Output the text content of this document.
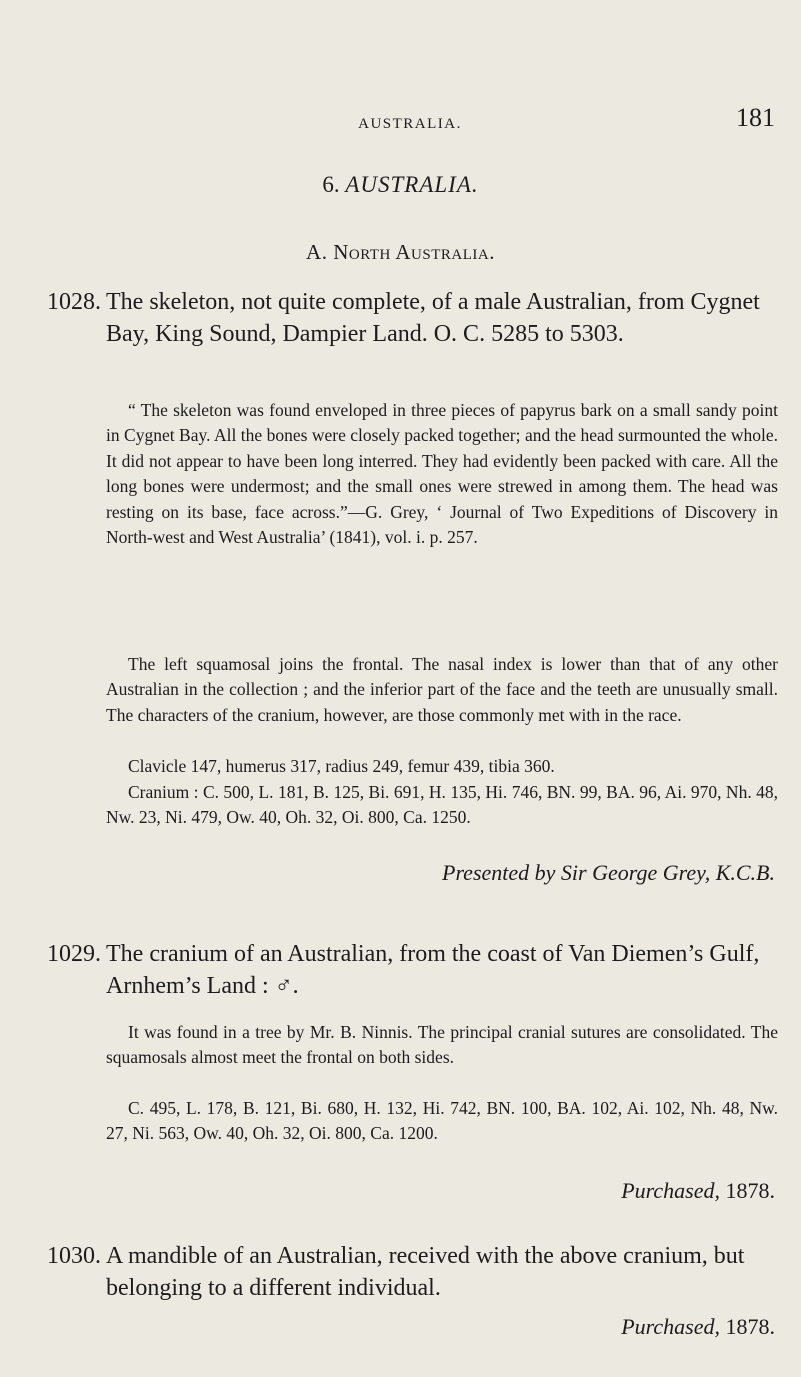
AUSTRALIA.	181
6. AUSTRALIA.
A. North Australia.
1028. The skeleton, not quite complete, of a male Australian, from Cygnet Bay, King Sound, Dampier Land. O. C. 5285 to 5303.
“ The skeleton was found enveloped in three pieces of papyrus bark on a small sandy point in Cygnet Bay. All the bones were closely packed together; and the head surmounted the whole. It did not appear to have been long interred. They had evidently been packed with care. All the long bones were undermost; and the small ones were strewed in among them. The head was resting on its base, face across.”—G. Grey, ‘ Journal of Two Expeditions of Discovery in North-west and West Australia’ (1841), vol. i. p. 257.
The left squamosal joins the frontal. The nasal index is lower than that of any other Australian in the collection ; and the inferior part of the face and the teeth are unusually small. The characters of the cranium, however, are those commonly met with in the race.
Clavicle 147, humerus 317, radius 249, femur 439, tibia 360.
Cranium : C. 500, L. 181, B. 125, Bi. 691, H. 135, Hi. 746, BN. 99, BA. 96, Ai. 970, Nh. 48, Nw. 23, Ni. 479, Ow. 40, Oh. 32, Oi. 800, Ca. 1250.
Presented by Sir George Grey, K.C.B.
1029. The cranium of an Australian, from the coast of Van Diemen’s Gulf, Arnhem’s Land : ♂.
It was found in a tree by Mr. B. Ninnis. The principal cranial sutures are consolidated. The squamosals almost meet the frontal on both sides.
C. 495, L. 178, B. 121, Bi. 680, H. 132, Hi. 742, BN. 100, BA. 102, Ai. 102, Nh. 48, Nw. 27, Ni. 563, Ow. 40, Oh. 32, Oi. 800, Ca. 1200.
Purchased, 1878.
1030. A mandible of an Australian, received with the above cranium, but belonging to a different individual.
Purchased, 1878.
